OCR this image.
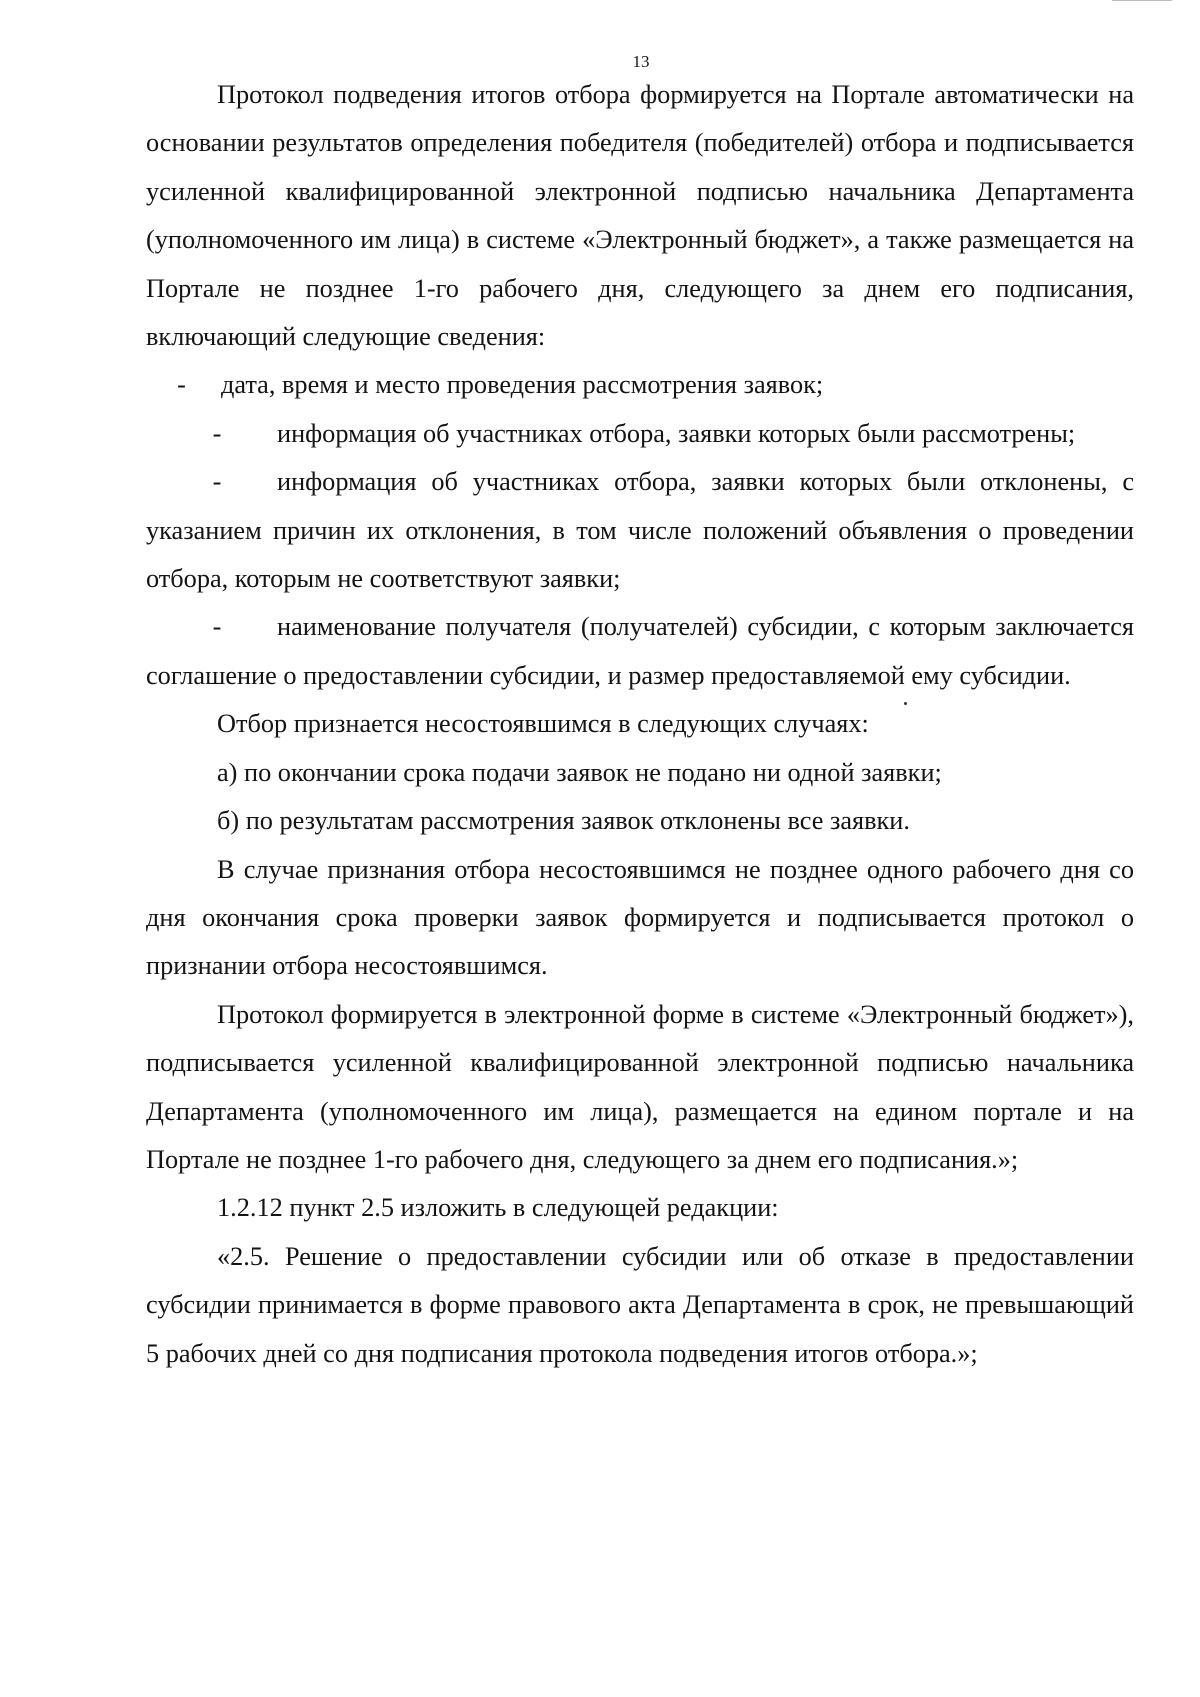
13

Протокол подведения итогов отбора формируется на Портале автоматически на основании результатов определения победителя (победителей) отбора и подписывается усиленной квалифицированной электронной подписью начальника Департамента (уполномоченного им лица) в системе «Электронный бюджет», а также размещается на Портале не позднее 1-го рабочего дня, следующего за днем его подписания, включающий следующие сведения:

-	дата, время и место проведения рассмотрения заявок;

- информация об участниках отбора, заявки которых были рассмотрены;

- информация об участниках отбора, заявки которых были отклонены, с указанием причин их отклонения, в том числе положений объявления о проведении отбора, которым не соответствуют заявки;

- наименование получателя (получателей) субсидии, с которым заключается соглашение о предоставлении субсидии, и размер предоставляемой ему субсидии.

Отбор признается несостоявшимся в следующих случаях:

а) по окончании срока подачи заявок не подано ни одной заявки;

б) по результатам рассмотрения заявок отклонены все заявки.

В случае признания отбора несостоявшимся не позднее одного рабочего дня со дня окончания срока проверки заявок формируется и подписывается протокол о признании отбора несостоявшимся.

Протокол формируется в электронной форме в системе «Электронный бюджет»), подписывается усиленной квалифицированной электронной подписью начальника Департамента (уполномоченного им лица), размещается на едином портале и на Портале не позднее 1-го рабочего дня, следующего за днем его подписания.»;

1.2.12 пункт 2.5 изложить в следующей редакции:

«2.5. Решение о предоставлении субсидии или об отказе в предоставлении субсидии принимается в форме правового акта Департамента в срок, не превышающий 5 рабочих дней со дня подписания протокола подведения итогов отбора.»;
